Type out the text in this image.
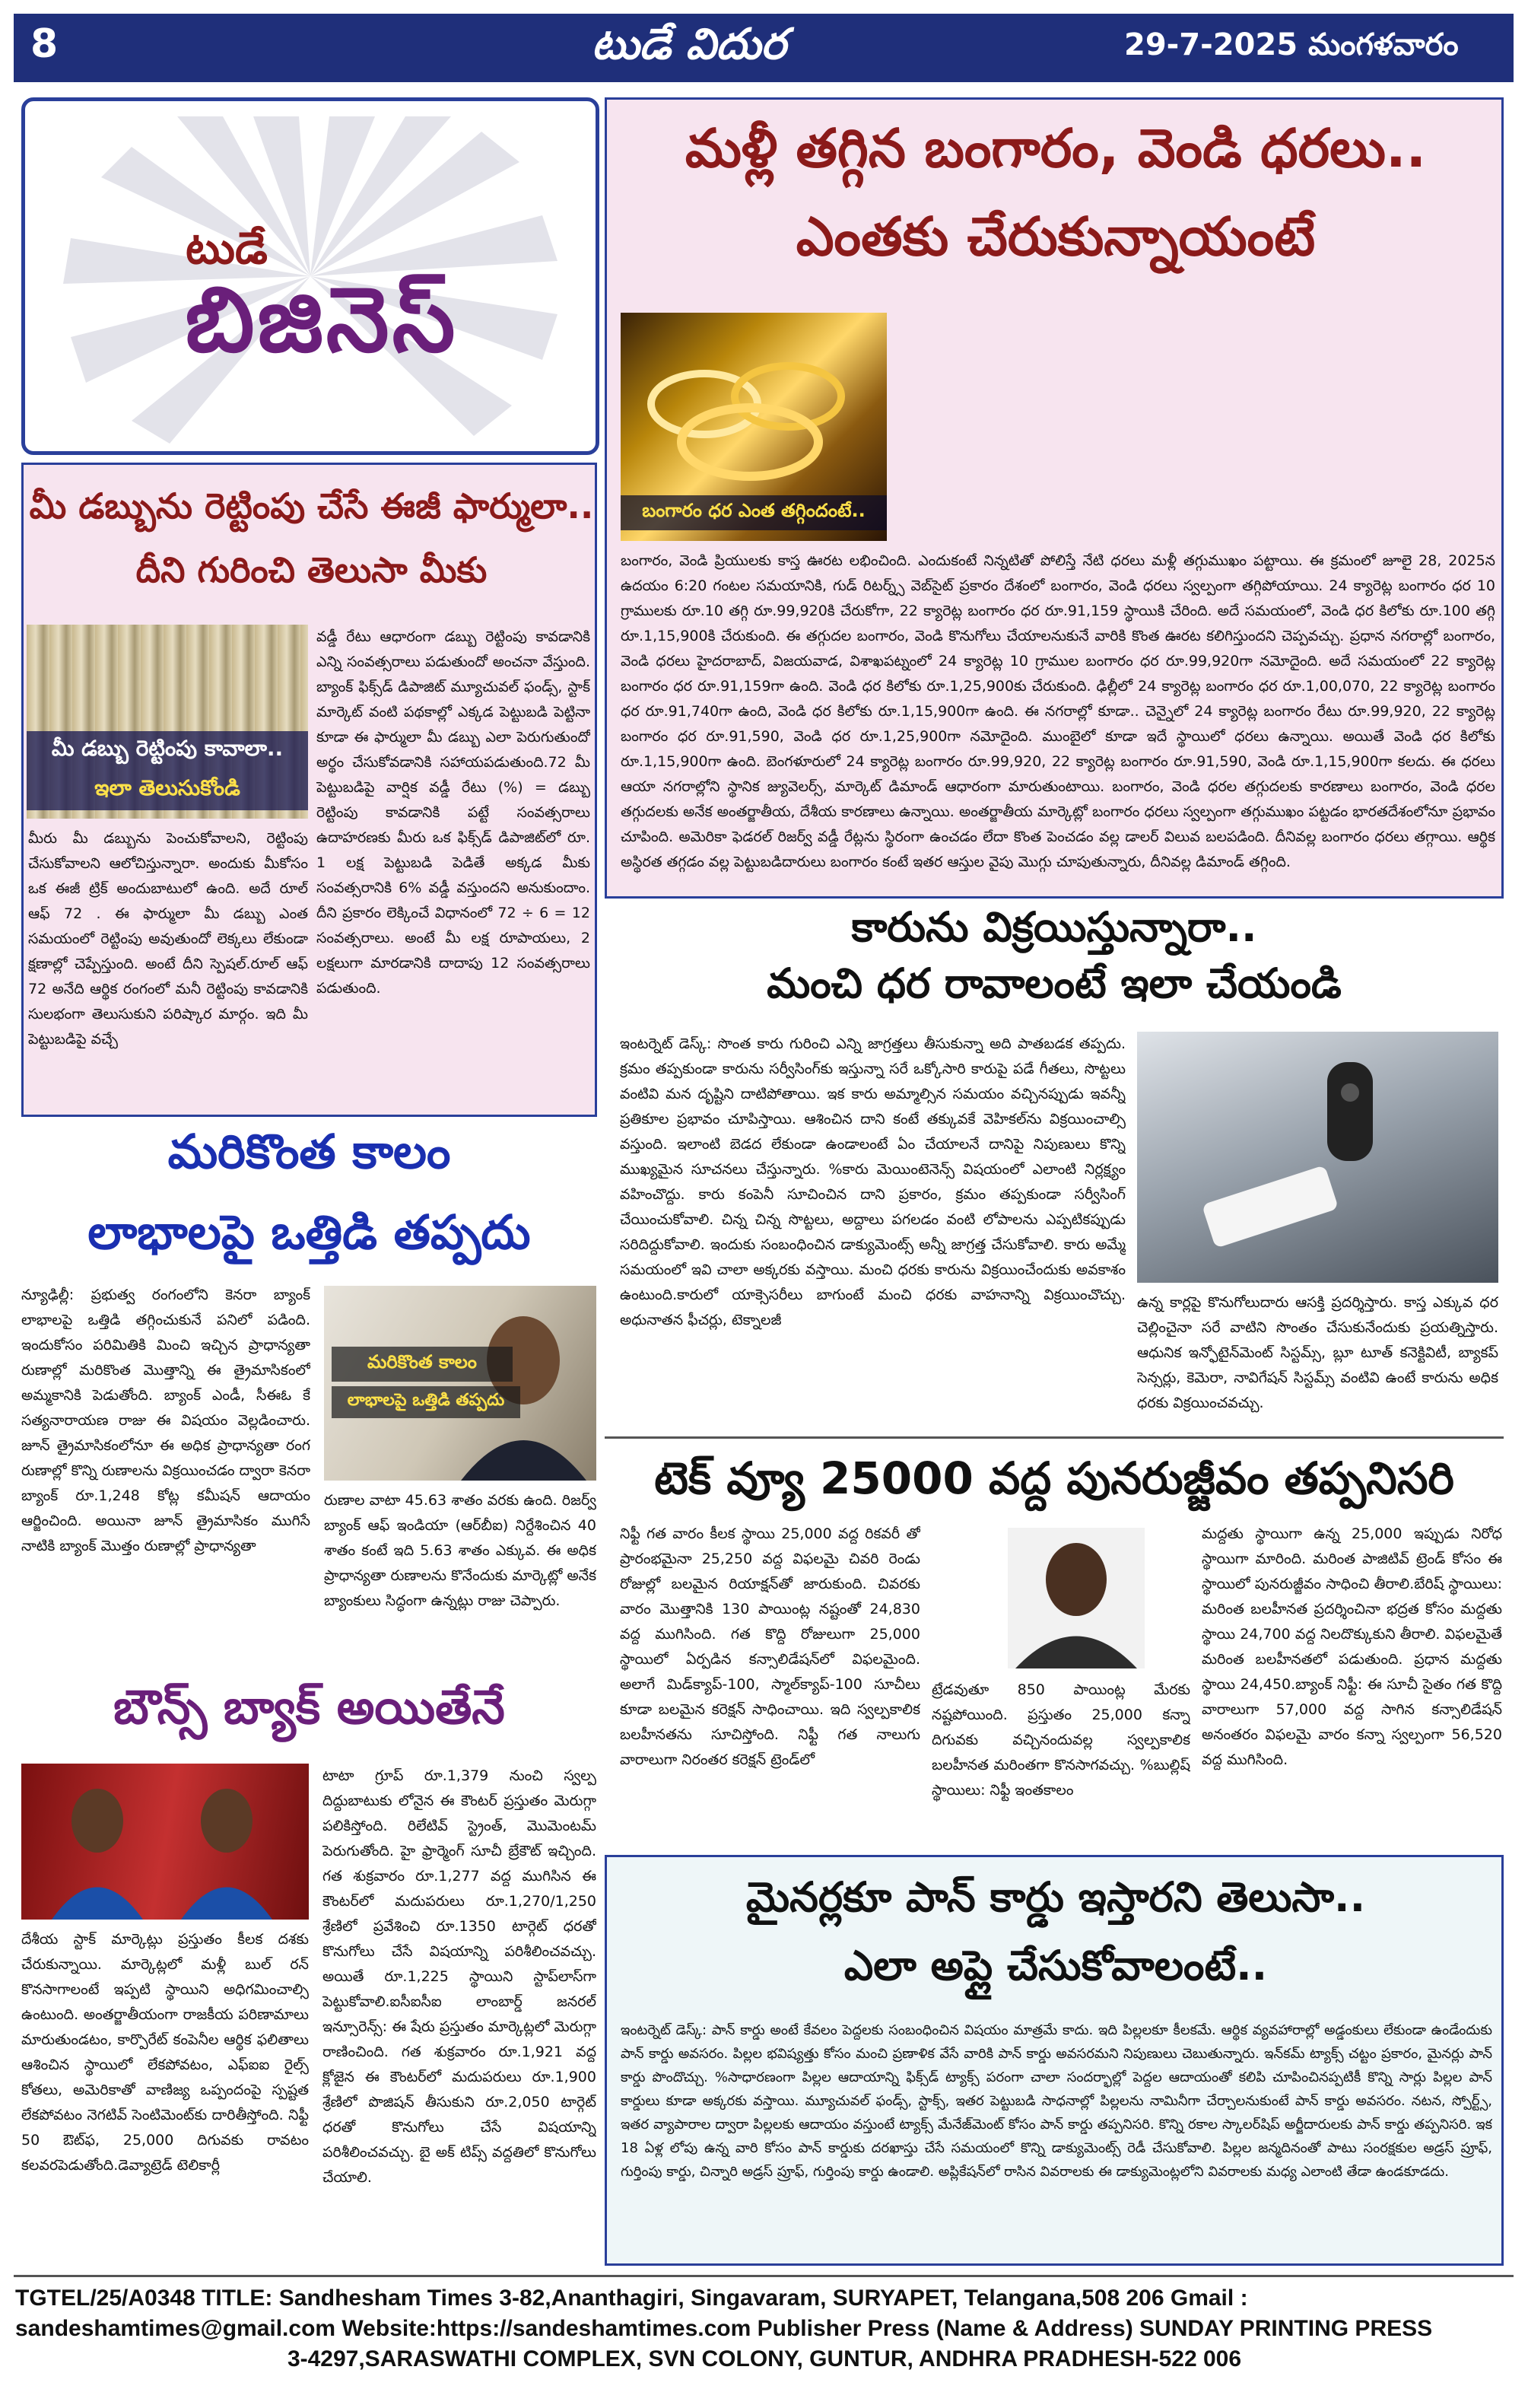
8	టుడే విదుర	29-7-2025 మంగళవారం
టుడే
బిజినెస్
మళ్లీ తగ్గిన బంగారం, వెండి ధరలు..
ఎంతకు చేరుకున్నాయంటే
బంగారం ధర ఎంత తగ్గిందంటే..
బంగారం, వెండి ప్రియులకు కాస్త ఊరట లభించింది. ఎందుకంటే నిన్నటితో పోలిస్తే నేటి ధరలు మళ్లీ తగ్గుముఖం పట్టాయి. ఈ క్రమంలో జూలై 28, 2025న ఉదయం 6:20 గంటల సమయానికి, గుడ్ రిటర్న్స్ వెబ్‌సైట్ ప్రకారం దేశంలో బంగారం, వెండి ధరలు స్వల్పంగా తగ్గిపోయాయి. 24 క్యారెట్ల బంగారం ధర 10 గ్రాములకు రూ.10 తగ్గి రూ.99,920కి చేరుకోగా, 22 క్యారెట్ల బంగారం ధర రూ.91,159 స్థాయికి చేరింది. అదే సమయంలో, వెండి ధర కిలోకు రూ.100 తగ్గి రూ.1,15,900కి చేరుకుంది. ఈ తగ్గుదల బంగారం, వెండి కొనుగోలు చేయాలనుకునే వారికి కొంత ఊరట కలిగిస్తుందని చెప్పవచ్చు. ప్రధాన నగరాల్లో బంగారం, వెండి ధరలు హైదరాబాద్, విజయవాడ, విశాఖపట్నంలో 24 క్యారెట్ల 10 గ్రాముల బంగారం ధర రూ.99,920గా నమోదైంది. అదే సమయంలో 22 క్యారెట్ల బంగారం ధర రూ.91,159గా ఉంది. వెండి ధర కిలోకు రూ.1,25,900కు చేరుకుంది. ఢిల్లీలో 24 క్యారెట్ల బంగారం ధర రూ.1,00,070, 22 క్యారెట్ల బంగారం ధర రూ.91,740గా ఉంది, వెండి ధర కిలోకు రూ.1,15,900గా ఉంది. ఈ నగరాల్లో కూడా.. చెన్నైలో 24 క్యారెట్ల బంగారం రేటు రూ.99,920, 22 క్యారెట్ల బంగారం ధర రూ.91,590, వెండి ధర రూ.1,25,900గా నమోదైంది. ముంబైలో కూడా ఇదే స్థాయిలో ధరలు ఉన్నాయి. అయితే వెండి ధర కిలోకు రూ.1,15,900గా ఉంది. బెంగళూరులో 24 క్యారెట్ల బంగారం రూ.99,920, 22 క్యారెట్ల బంగారం రూ.91,590, వెండి రూ.1,15,900గా కలదు. ఈ ధరలు ఆయా నగరాల్లోని స్థానిక జ్యువెలర్స్, మార్కెట్ డిమాండ్ ఆధారంగా మారుతుంటాయి. బంగారం, వెండి ధరల తగ్గుదలకు కారణాలు బంగారం, వెండి ధరల తగ్గుదలకు అనేక అంతర్జాతీయ, దేశీయ కారణాలు ఉన్నాయి. అంతర్జాతీయ మార్కెట్లో బంగారం ధరలు స్వల్పంగా తగ్గుముఖం పట్టడం భారతదేశంలోనూ ప్రభావం చూపింది. అమెరికా ఫెడరల్ రిజర్వ్ వడ్డీ రేట్లను స్థిరంగా ఉంచడం లేదా కొంత పెంచడం వల్ల డాలర్ విలువ బలపడింది. దీనివల్ల బంగారం ధరలు తగ్గాయి. ఆర్థిక అస్థిరత తగ్గడం వల్ల పెట్టుబడిదారులు బంగారం కంటే ఇతర ఆస్తుల వైపు మొగ్గు చూపుతున్నారు, దీనివల్ల డిమాండ్ తగ్గింది.
మీ డబ్బును రెట్టింపు చేసే ఈజీ ఫార్ములా..
దీని గురించి తెలుసా మీకు
మీ డబ్బు రెట్టింపు కావాలా..
ఇలా తెలుసుకోండి
వడ్డీ రేటు ఆధారంగా డబ్బు రెట్టింపు కావడానికి ఎన్ని సంవత్సరాలు పడుతుందో అంచనా వేస్తుంది. బ్యాంక్ ఫిక్స్‌డ్ డిపాజిట్ మ్యూచువల్ ఫండ్స్, స్టాక్ మార్కెట్ వంటి పథకాల్లో ఎక్కడ పెట్టుబడి పెట్టినా కూడా ఈ ఫార్ములా మీ డబ్బు ఎలా పెరుగుతుందో అర్థం చేసుకోవడానికి సహాయపడుతుంది.72 మీ పెట్టుబడిపై వార్షిక వడ్డీ రేటు (%) = డబ్బు రెట్టింపు కావడానికి పట్టే సంవత్సరాలు ఉదాహరణకు మీరు ఒక ఫిక్స్‌డ్ డిపాజిట్‌లో రూ. 1 లక్ష పెట్టుబడి పెడితే అక్కడ మీకు సంవత్సరానికి 6% వడ్డీ వస్తుందని అనుకుందాం. దీని ప్రకారం లెక్కించే విధానంలో 72 ÷ 6 = 12 సంవత్సరాలు. అంటే మీ లక్ష రూపాయలు, 2 లక్షలుగా మారడానికి దాదాపు 12 సంవత్సరాలు పడుతుంది.
మీరు మీ డబ్బును పెంచుకోవాలని, రెట్టింపు చేసుకోవాలని ఆలోచిస్తున్నారా. అందుకు మీకోసం ఒక ఈజీ ట్రిక్ అందుబాటులో ఉంది. అదే రూల్ ఆఫ్ 72 . ఈ ఫార్ములా మీ డబ్బు ఎంత సమయంలో రెట్టింపు అవుతుందో లెక్కలు లేకుండా క్షణాల్లో చెప్పేస్తుంది. అంటే దీని స్పెషల్.రూల్ ఆఫ్ 72 అనేది ఆర్థిక రంగంలో మనీ రెట్టింపు కావడానికి సులభంగా తెలుసుకుని పరిష్కార మార్గం. ఇది మీ పెట్టుబడిపై వచ్చే
కారును విక్రయిస్తున్నారా..
మంచి ధర రావాలంటే ఇలా చేయండి
ఇంటర్నెట్ డెస్క్: సొంత కారు గురించి ఎన్ని జాగ్రత్తలు తీసుకున్నా అది పాతబడక తప్పదు. క్రమం తప్పకుండా కారును సర్వీసింగ్‌కు ఇస్తున్నా సరే ఒక్కోసారి కారుపై పడే గీతలు, సొట్టలు వంటివి మన దృష్టిని దాటిపోతాయి. ఇక కారు అమ్మాల్సిన సమయం వచ్చినప్పుడు ఇవన్నీ ప్రతికూల ప్రభావం చూపిస్తాయి. ఆశించిన దాని కంటే తక్కువకే వెహికల్‌ను విక్రయించాల్సి వస్తుంది. ఇలాంటి బెడద లేకుండా ఉండాలంటే ఏం చేయాలనే దానిపై నిపుణులు కొన్ని ముఖ్యమైన సూచనలు చేస్తున్నారు. %కారు మెయింటెనెన్స్ విషయంలో ఎలాంటి నిర్లక్ష్యం వహించొద్దు. కారు కంపెనీ సూచించిన దాని ప్రకారం, క్రమం తప్పకుండా సర్వీసింగ్ చేయించుకోవాలి. చిన్న చిన్న సొట్టలు, అద్దాలు పగలడం వంటి లోపాలను ఎప్పటికప్పుడు సరిదిద్దుకోవాలి. ఇందుకు సంబంధించిన డాక్యుమెంట్స్ అన్నీ జాగ్రత్త చేసుకోవాలి. కారు అమ్మే సమయంలో ఇవి చాలా అక్కరకు వస్తాయి. మంచి ధరకు కారును విక్రయించేందుకు అవకాశం ఉంటుంది.కారులో యాక్సెసరీలు బాగుంటే మంచి ధరకు వాహనాన్ని విక్రయించొచ్చు. అధునాతన ఫీచర్లు, టెక్నాలజీ
ఉన్న కార్లపై కొనుగోలుదారు ఆసక్తి ప్రదర్శిస్తారు. కాస్త ఎక్కువ ధర చెల్లించైనా సరే వాటిని సొంతం చేసుకునేందుకు ప్రయత్నిస్తారు. ఆధునిక ఇన్ఫోటైన్‌మెంట్ సిస్టమ్స్, బ్లూ టూత్ కనెక్టివిటీ, బ్యాకప్ సెన్సర్లు, కెమెరా, నావిగేషన్ సిస్టమ్స్ వంటివి ఉంటే కారును అధిక ధరకు విక్రయించవచ్చు.
మరికొంత కాలం
లాభాలపై ఒత్తిడి తప్పదు
న్యూఢిల్లీ: ప్రభుత్వ రంగంలోని కెనరా బ్యాంక్ లాభాలపై ఒత్తిడి తగ్గించుకునే పనిలో పడింది. ఇందుకోసం పరిమితికి మించి ఇచ్చిన ప్రాధాన్యతా రుణాల్లో మరికొంత మొత్తాన్ని ఈ త్రైమాసికంలో అమ్మకానికి పెడుతోంది. బ్యాంక్ ఎండీ, సీఈఓ కే సత్యనారాయణ రాజు ఈ విషయం వెల్లడించారు. జూన్ త్రైమాసికంలోనూ ఈ అధిక ప్రాధాన్యతా రంగ రుణాల్లో కొన్ని రుణాలను విక్రయించడం ద్వారా కెనరా బ్యాంక్ రూ.1,248 కోట్ల కమీషన్ ఆదాయం ఆర్జించింది. అయినా జూన్ త్రైమాసికం ముగిసే నాటికి బ్యాంక్ మొత్తం రుణాల్లో ప్రాధాన్యతా
మరికొంత కాలం
లాభాలపై ఒత్తిడి తప్పదు
రుణాల వాటా 45.63 శాతం వరకు ఉంది. రిజర్వ్ బ్యాంక్ ఆఫ్ ఇండియా (ఆర్‌బీఐ) నిర్దేశించిన 40 శాతం కంటే ఇది 5.63 శాతం ఎక్కువ. ఈ అధిక ప్రాధాన్యతా రుణాలను కొనేందుకు మార్కెట్లో అనేక బ్యాంకులు సిద్ధంగా ఉన్నట్లు రాజు చెప్పారు.
బౌన్స్ బ్యాక్ అయితేనే
దేశీయ స్టాక్ మార్కెట్లు ప్రస్తుతం కీలక దశకు చేరుకున్నాయి. మార్కెట్లలో మళ్లీ బుల్ రన్ కొనసాగాలంటే ఇప్పటి స్థాయిని అధిగమించాల్సి ఉంటుంది. అంతర్జాతీయంగా రాజకీయ పరిణామాలు మారుతుండటం, కార్పొరేట్ కంపెనీల ఆర్థిక ఫలితాలు ఆశించిన స్థాయిలో లేకపోవటం, ఎఫ్‌ఐఐ రైల్స్ కోతలు, అమెరికాతో వాణిజ్య ఒప్పందంపై స్పష్టత లేకపోవటం నెగటివ్ సెంటిమెంట్‌కు దారితీస్తోంది. నిఫ్టీ 50 ఔట్‌ఫ, 25,000 దిగువకు రావటం కలవరపెడుతోంది.డెవ్యాట్రెడ్ టెలికార్లీ
టాటా గ్రూప్ రూ.1,379 నుంచి స్వల్ప దిద్దుబాటుకు లోనైన ఈ కౌంటర్ ప్రస్తుతం మెరుగ్గా పలికిస్తోంది. రిలేటివ్ స్ట్రెంత్, మొమెంటమ్ పెరుగుతోంది. హై ఫ్రార్మెంగ్ సూచీ బ్రేకౌట్ ఇచ్చింది. గత శుక్రవారం రూ.1,277 వద్ద ముగిసిన ఈ కౌంటర్‌లో మదుపరులు రూ.1,270/1,250 శ్రేణిలో ప్రవేశించి రూ.1350 టార్గెట్ ధరతో కొనుగోలు చేసే విషయాన్ని పరిశీలించవచ్చు. అయితే రూ.1,225 స్థాయిని స్టాప్‌లాస్‌గా పెట్టుకోవాలి.ఐసీఐసీఐ లాంబార్డ్ జనరల్ ఇన్సూరెన్స్: ఈ షేరు ప్రస్తుతం మార్కెట్లలో మెరుగ్గా రాణించింది. గత శుక్రవారం రూ.1,921 వద్ద క్లోజైన ఈ కౌంటర్‌లో మదుపరులు రూ.1,900 శ్రేణిలో పొజిషన్ తీసుకుని రూ.2,050 టార్గెట్ ధరతో కొనుగోలు చేసే విషయాన్ని పరిశీలించవచ్చు. బై అక్ టిప్స్ వద్దతిలో కొనుగోలు చేయాలి.
టెక్ వ్యూ 25000 వద్ద పునరుజ్జీవం తప్పనిసరి
నిఫ్టీ గత వారం కీలక స్థాయి 25,000 వద్ద రికవరీ తో ప్రారంభమైనా 25,250 వద్ద విఫలమై చివరి రెండు రోజుల్లో బలమైన రియాక్షన్‌తో జారుకుంది. చివరకు వారం మొత్తానికి 130 పాయింట్ల నష్టంతో 24,830 వద్ద ముగిసింది. గత కొద్ది రోజులుగా 25,000 స్థాయిలో ఏర్పడిన కన్సాలిడేషన్‌లో విఫలమైంది. అలాగే మిడ్‌క్యాప్-100, స్మాల్‌క్యాప్-100 సూచీలు కూడా బలమైన కరెక్షన్ సాధించాయి. ఇది స్వల్పకాలిక బలహీనతను సూచిస్తోంది. నిఫ్టీ గత నాలుగు వారాలుగా నిరంతర కరెక్షన్ ట్రెండ్‌లో
ట్రేడవుతూ 850 పాయింట్ల మేరకు నష్టపోయింది. ప్రస్తుతం 25,000 కన్నా దిగువకు వచ్చినందువల్ల స్వల్పకాలిక బలహీనత మరింతగా కొనసాగవచ్చు. %బుల్లిష్ స్థాయిలు: నిఫ్టీ ఇంతకాలం
మద్దతు స్థాయిగా ఉన్న 25,000 ఇప్పుడు నిరోధ స్థాయిగా మారింది. మరింత పాజిటివ్ ట్రెండ్ కోసం ఈ స్థాయిలో పునరుజ్జీవం సాధించి తీరాలి.బేరిష్ స్థాయిలు: మరింత బలహీనత ప్రదర్శించినా భద్రత కోసం మద్దతు స్థాయి 24,700 వద్ద నిలదొక్కుకుని తీరాలి. విఫలమైతే మరింత బలహీనతలో పడుతుంది. ప్రధాన మద్దతు స్థాయి 24,450.బ్యాంక్ నిఫ్టీ: ఈ సూచీ సైతం గత కొద్ది వారాలుగా 57,000 వద్ద సాగిన కన్సాలిడేషన్ అనంతరం విఫలమై వారం కన్నా స్వల్పంగా 56,520 వద్ద ముగిసింది.
మైనర్లకూ పాన్ కార్డు ఇస్తారని తెలుసా..
ఎలా అప్లై చేసుకోవాలంటే..
ఇంటర్నెట్ డెస్క్: పాన్ కార్డు అంటే కేవలం పెద్దలకు సంబంధించిన విషయం మాత్రమే కాదు. ఇది పిల్లలకూ కీలకమే. ఆర్థిక వ్యవహారాల్లో అడ్డంకులు లేకుండా ఉండేందుకు పాన్ కార్డు అవసరం. పిల్లల భవిష్యత్తు కోసం మంచి ప్రణాళిక వేసే వారికి పాన్ కార్డు అవసరమని నిపుణులు చెబుతున్నారు. ఇన్‌కమ్‌ ట్యాక్స్ చట్టం ప్రకారం, మైనర్లు పాన్ కార్డు పొందొచ్చు. %సాధారణంగా పిల్లల ఆదాయాన్ని ఫిక్స్‌డ్ ట్యాక్స్ పరంగా చాలా సందర్భాల్లో పెద్దల ఆదాయంతో కలిపి చూపించినప్పటికీ కొన్ని సార్లు పిల్లల పాన్ కార్డులు కూడా అక్కరకు వస్తాయి. మ్యూచువల్ ఫండ్స్, స్టాక్స్, ఇతర పెట్టుబడి సాధనాల్లో పిల్లలను నామినీగా చేర్చాలనుకుంటే పాన్ కార్డు అవసరం. నటన, స్పోర్ట్స్, ఇతర వ్యాపారాల ద్వారా పిల్లలకు ఆదాయం వస్తుంటే ట్యాక్స్ మేనేజ్‌మెంట్ కోసం పాన్ కార్డు తప్పనిసరి. కొన్ని రకాల స్కాలర్‌షిప్ అర్జీదారులకు పాన్ కార్డు తప్పనిసరి. ఇక 18 ఏళ్ల లోపు ఉన్న వారి కోసం పాన్ కార్డుకు దరఖాస్తు చేసే సమయంలో కొన్ని డాక్యుమెంట్స్ రెడీ చేసుకోవాలి. పిల్లల జన్మదినంతో పాటు సంరక్షకుల అడ్రస్ ప్రూఫ్, గుర్తింపు కార్డు, చిన్నారి అడ్రస్ ప్రూఫ్, గుర్తింపు కార్డు ఉండాలి. అప్లికేషన్‌లో రాసిన వివరాలకు ఈ డాక్యుమెంట్లలోని వివరాలకు మధ్య ఎలాంటి తేడా ఉండకూడదు.
TGTEL/25/A0348 TITLE: Sandhesham Times 3-82,Ananthagiri, Singavaram, SURYAPET, Telangana,508 206 Gmail :
sandeshamtimes@gmail.com Website:https://sandeshamtimes.com Publisher Press (Name & Address) SUNDAY PRINTING PRESS
3-4297,SARASWATHI COMPLEX, SVN COLONY, GUNTUR, ANDHRA PRADHESH-522 006
